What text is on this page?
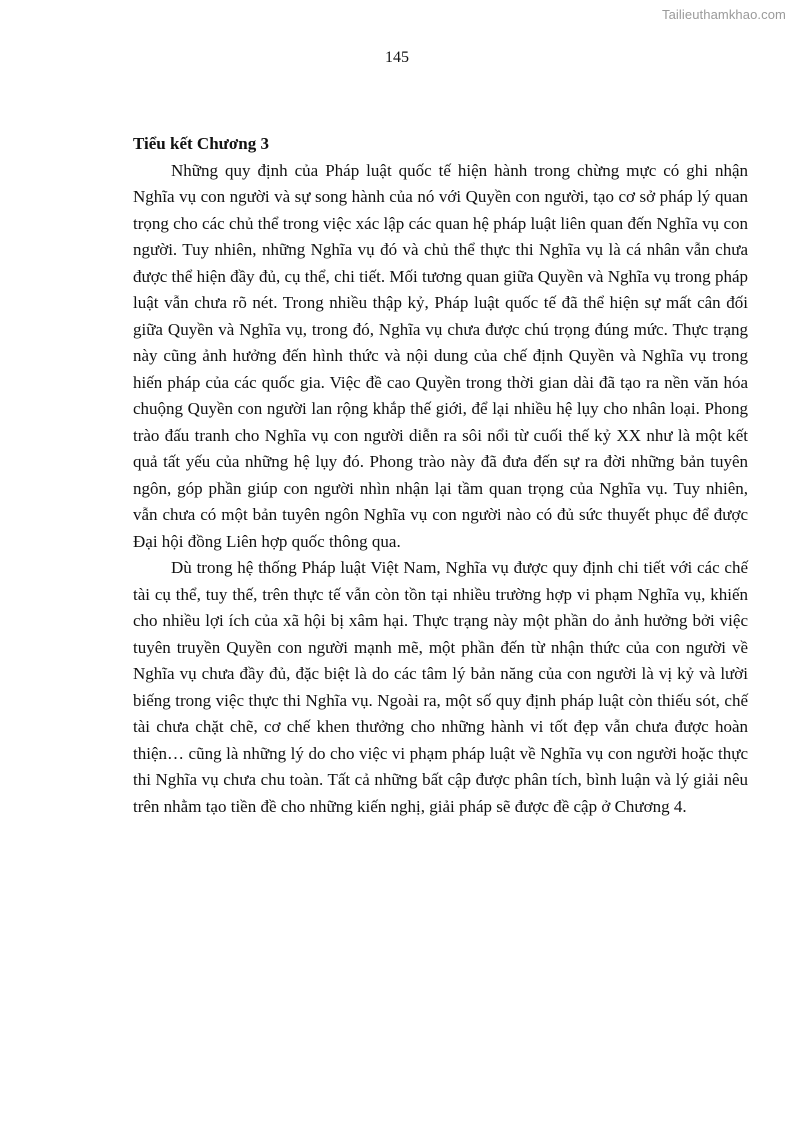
Tailieuthamkhao.com
145
Tiểu kết Chương 3

Những quy định của Pháp luật quốc tế hiện hành trong chừng mực có ghi nhận Nghĩa vụ con người và sự song hành của nó với Quyền con người, tạo cơ sở pháp lý quan trọng cho các chủ thể trong việc xác lập các quan hệ pháp luật liên quan đến Nghĩa vụ con người. Tuy nhiên, những Nghĩa vụ đó và chủ thể thực thi Nghĩa vụ là cá nhân vẫn chưa được thể hiện đầy đủ, cụ thể, chi tiết. Mối tương quan giữa Quyền và Nghĩa vụ trong pháp luật vẫn chưa rõ nét. Trong nhiều thập kỷ, Pháp luật quốc tế đã thể hiện sự mất cân đối giữa Quyền và Nghĩa vụ, trong đó, Nghĩa vụ chưa được chú trọng đúng mức. Thực trạng này cũng ảnh hưởng đến hình thức và nội dung của chế định Quyền và Nghĩa vụ trong hiến pháp của các quốc gia. Việc đề cao Quyền trong thời gian dài đã tạo ra nền văn hóa chuộng Quyền con người lan rộng khắp thế giới, để lại nhiều hệ lụy cho nhân loại. Phong trào đấu tranh cho Nghĩa vụ con người diễn ra sôi nổi từ cuối thế kỷ XX như là một kết quả tất yếu của những hệ lụy đó. Phong trào này đã đưa đến sự ra đời những bản tuyên ngôn, góp phần giúp con người nhìn nhận lại tầm quan trọng của Nghĩa vụ. Tuy nhiên, vẫn chưa có một bản tuyên ngôn Nghĩa vụ con người nào có đủ sức thuyết phục để được Đại hội đồng Liên hợp quốc thông qua.

Dù trong hệ thống Pháp luật Việt Nam, Nghĩa vụ được quy định chi tiết với các chế tài cụ thể, tuy thế, trên thực tế vẫn còn tồn tại nhiều trường hợp vi phạm Nghĩa vụ, khiến cho nhiều lợi ích của xã hội bị xâm hại. Thực trạng này một phần do ảnh hưởng bởi việc tuyên truyền Quyền con người mạnh mẽ, một phần đến từ nhận thức của con người về Nghĩa vụ chưa đầy đủ, đặc biệt là do các tâm lý bản năng của con người là vị kỷ và lười biếng trong việc thực thi Nghĩa vụ. Ngoài ra, một số quy định pháp luật còn thiếu sót, chế tài chưa chặt chẽ, cơ chế khen thưởng cho những hành vi tốt đẹp vẫn chưa được hoàn thiện… cũng là những lý do cho việc vi phạm pháp luật về Nghĩa vụ con người hoặc thực thi Nghĩa vụ chưa chu toàn. Tất cả những bất cập được phân tích, bình luận và lý giải nêu trên nhằm tạo tiền đề cho những kiến nghị, giải pháp sẽ được đề cập ở Chương 4.
